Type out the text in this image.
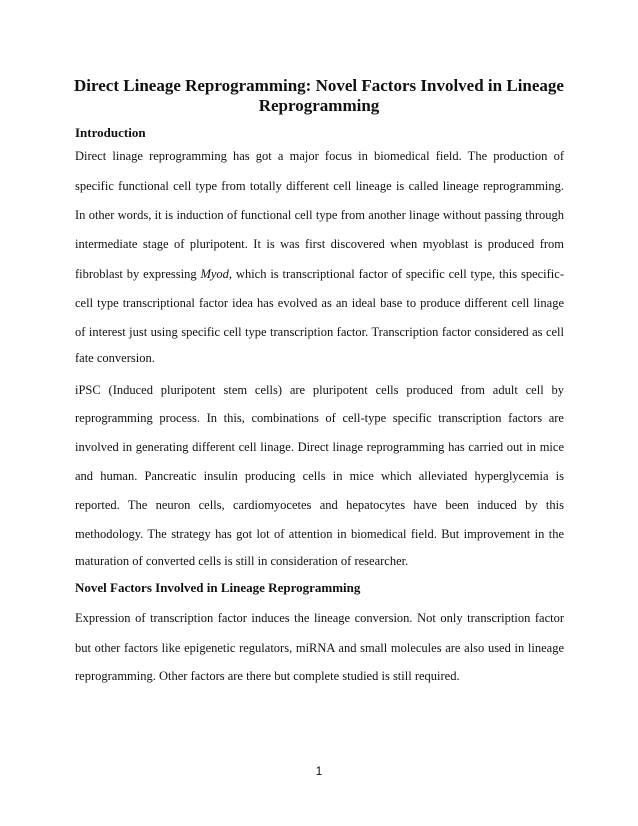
Direct Lineage Reprogramming: Novel Factors Involved in Lineage
Reprogramming
Introduction

Direct linage reprogramming has got a major focus in biomedical field. The production of

specific functional cell type from totally different cell lineage is called lineage reprogramming.

In other words, it is induction of functional cell type from another linage without passing through

intermediate stage of pluripotent. It is was first discovered when myoblast is produced from

fibroblast by expressing Myod, which is transcriptional factor of specific cell type, this specific-

cell type transcriptional factor idea has evolved as an ideal base to produce different cell linage

of interest just using specific cell type transcription factor. Transcription factor considered as cell

fate conversion.

iPSC (Induced pluripotent stem cells) are pluripotent cells produced from adult cell by

reprogramming process. In this, combinations of cell-type specific transcription factors are

involved in generating different cell linage. Direct linage reprogramming has carried out in mice

and human. Pancreatic insulin producing cells in mice which alleviated hyperglycemia is

reported. The neuron cells, cardiomyocetes and hepatocytes have been induced by this

methodology. The strategy has got lot of attention in biomedical field. But improvement in the

maturation of converted cells is still in consideration of researcher.

Novel Factors Involved in Lineage Reprogramming

Expression of transcription factor induces the lineage conversion. Not only transcription factor

but other factors like epigenetic regulators, miRNA and small molecules are also used in lineage

reprogramming. Other factors are there but complete studied is still required.

1
